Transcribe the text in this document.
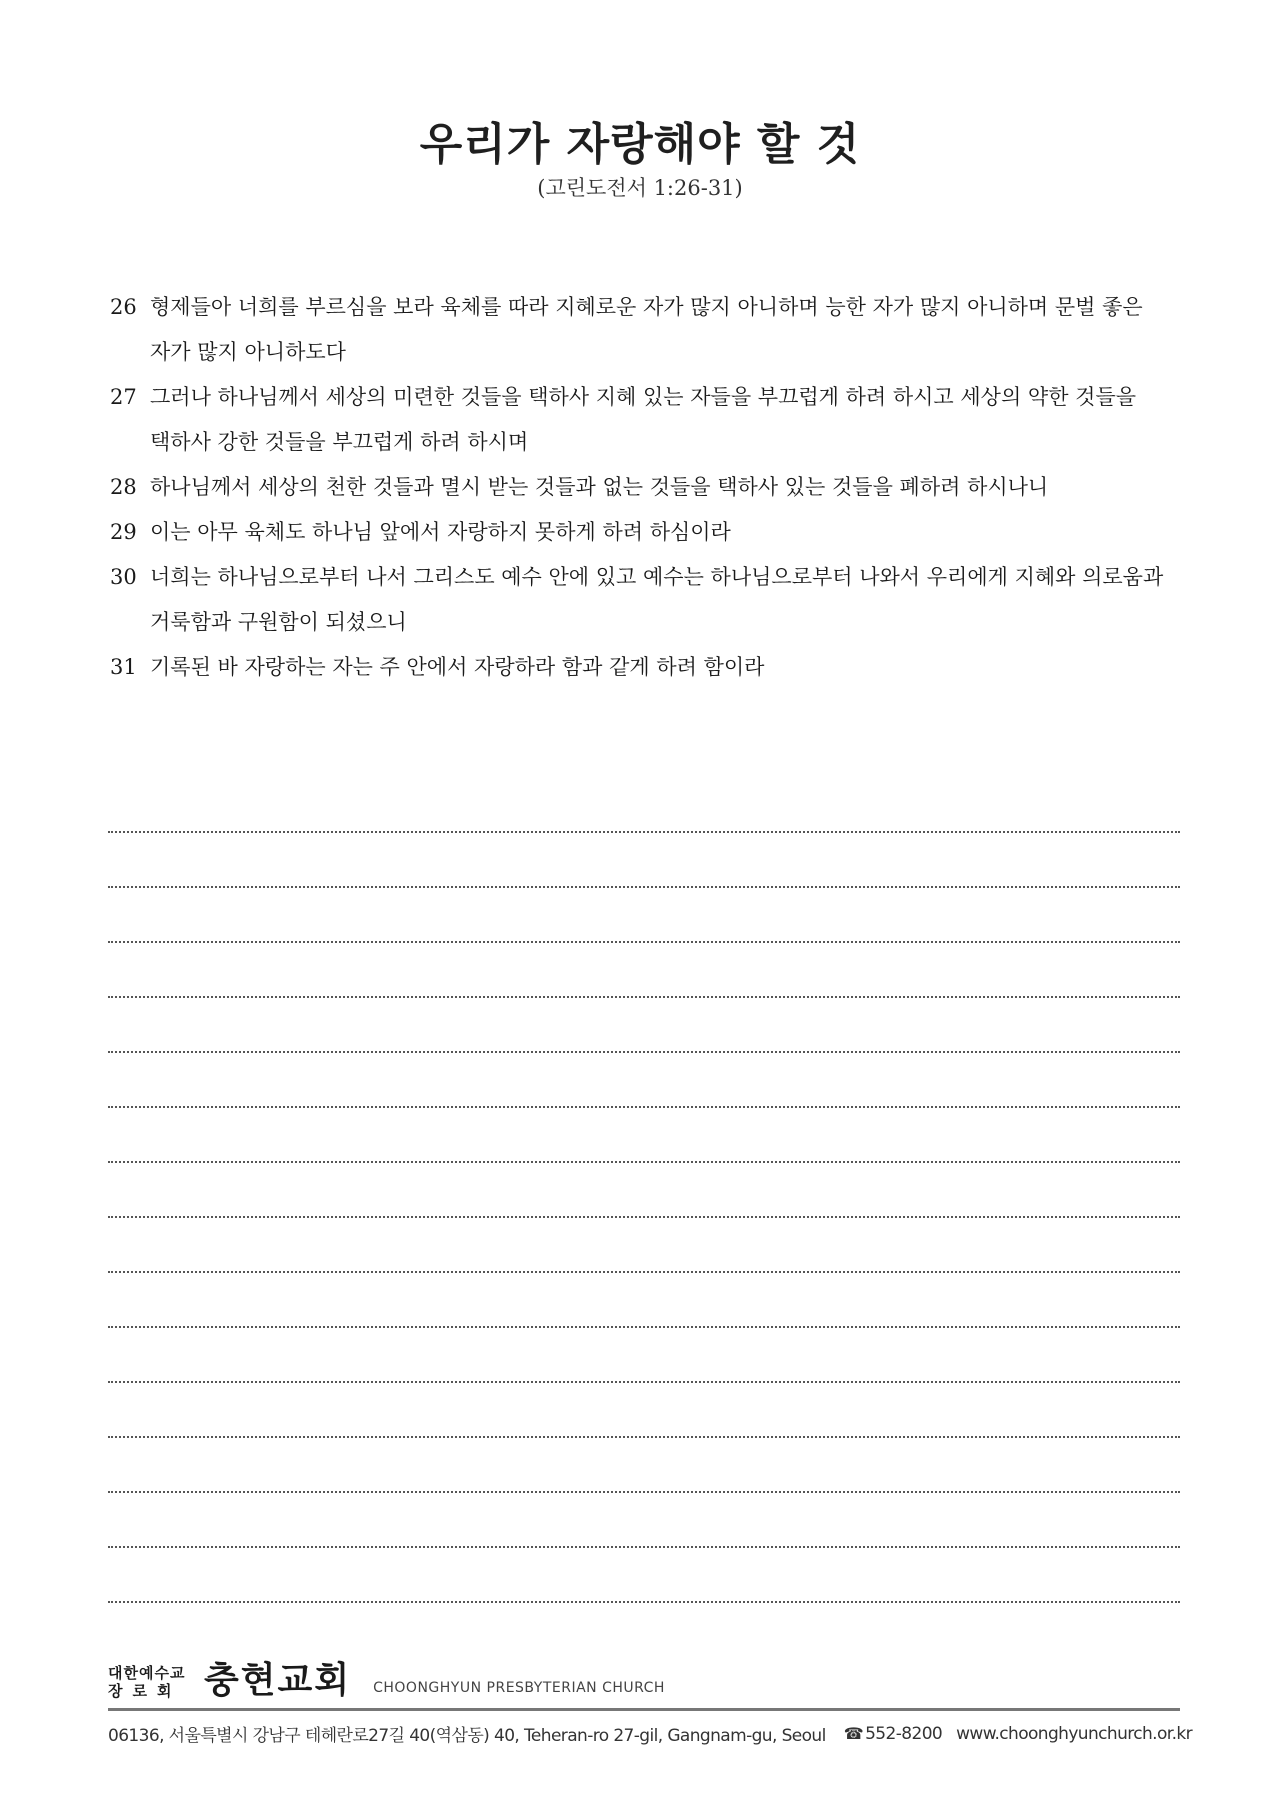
우리가 자랑해야 할 것

(고린도전서 1:26-31)

26 형제들아 너희를 부르심을 보라 육체를 따라 지혜로운 자가 많지 아니하며 능한 자가 많지 아니하며 문벌 좋은 자가 많지 아니하도다
27 그러나 하나님께서 세상의 미련한 것들을 택하사 지혜 있는 자들을 부끄럽게 하려 하시고 세상의 약한 것들을 택하사 강한 것들을 부끄럽게 하려 하시며
28 하나님께서 세상의 천한 것들과 멸시 받는 것들과 없는 것들을 택하사 있는 것들을 폐하려 하시나니
29 이는 아무 육체도 하나님 앞에서 자랑하지 못하게 하려 하심이라
30 너희는 하나님으로부터 나서 그리스도 예수 안에 있고 예수는 하나님으로부터 나와서 우리에게 지혜와 의로움과 거룩함과 구원함이 되셨으니
31 기록된 바 자랑하는 자는 주 안에서 자랑하라 함과 같게 하려 함이라
대한예수교
장로회 충현교회 CHOONGHYUN PRESBYTERIAN CHURCH
06136, 서울특별시 강남구 테헤란로27길 40(역삼동) 40, Teheran-ro 27-gil, Gangnam-gu, Seoul ☎ 552-8200 www.choonghyunchurch.or.kr
